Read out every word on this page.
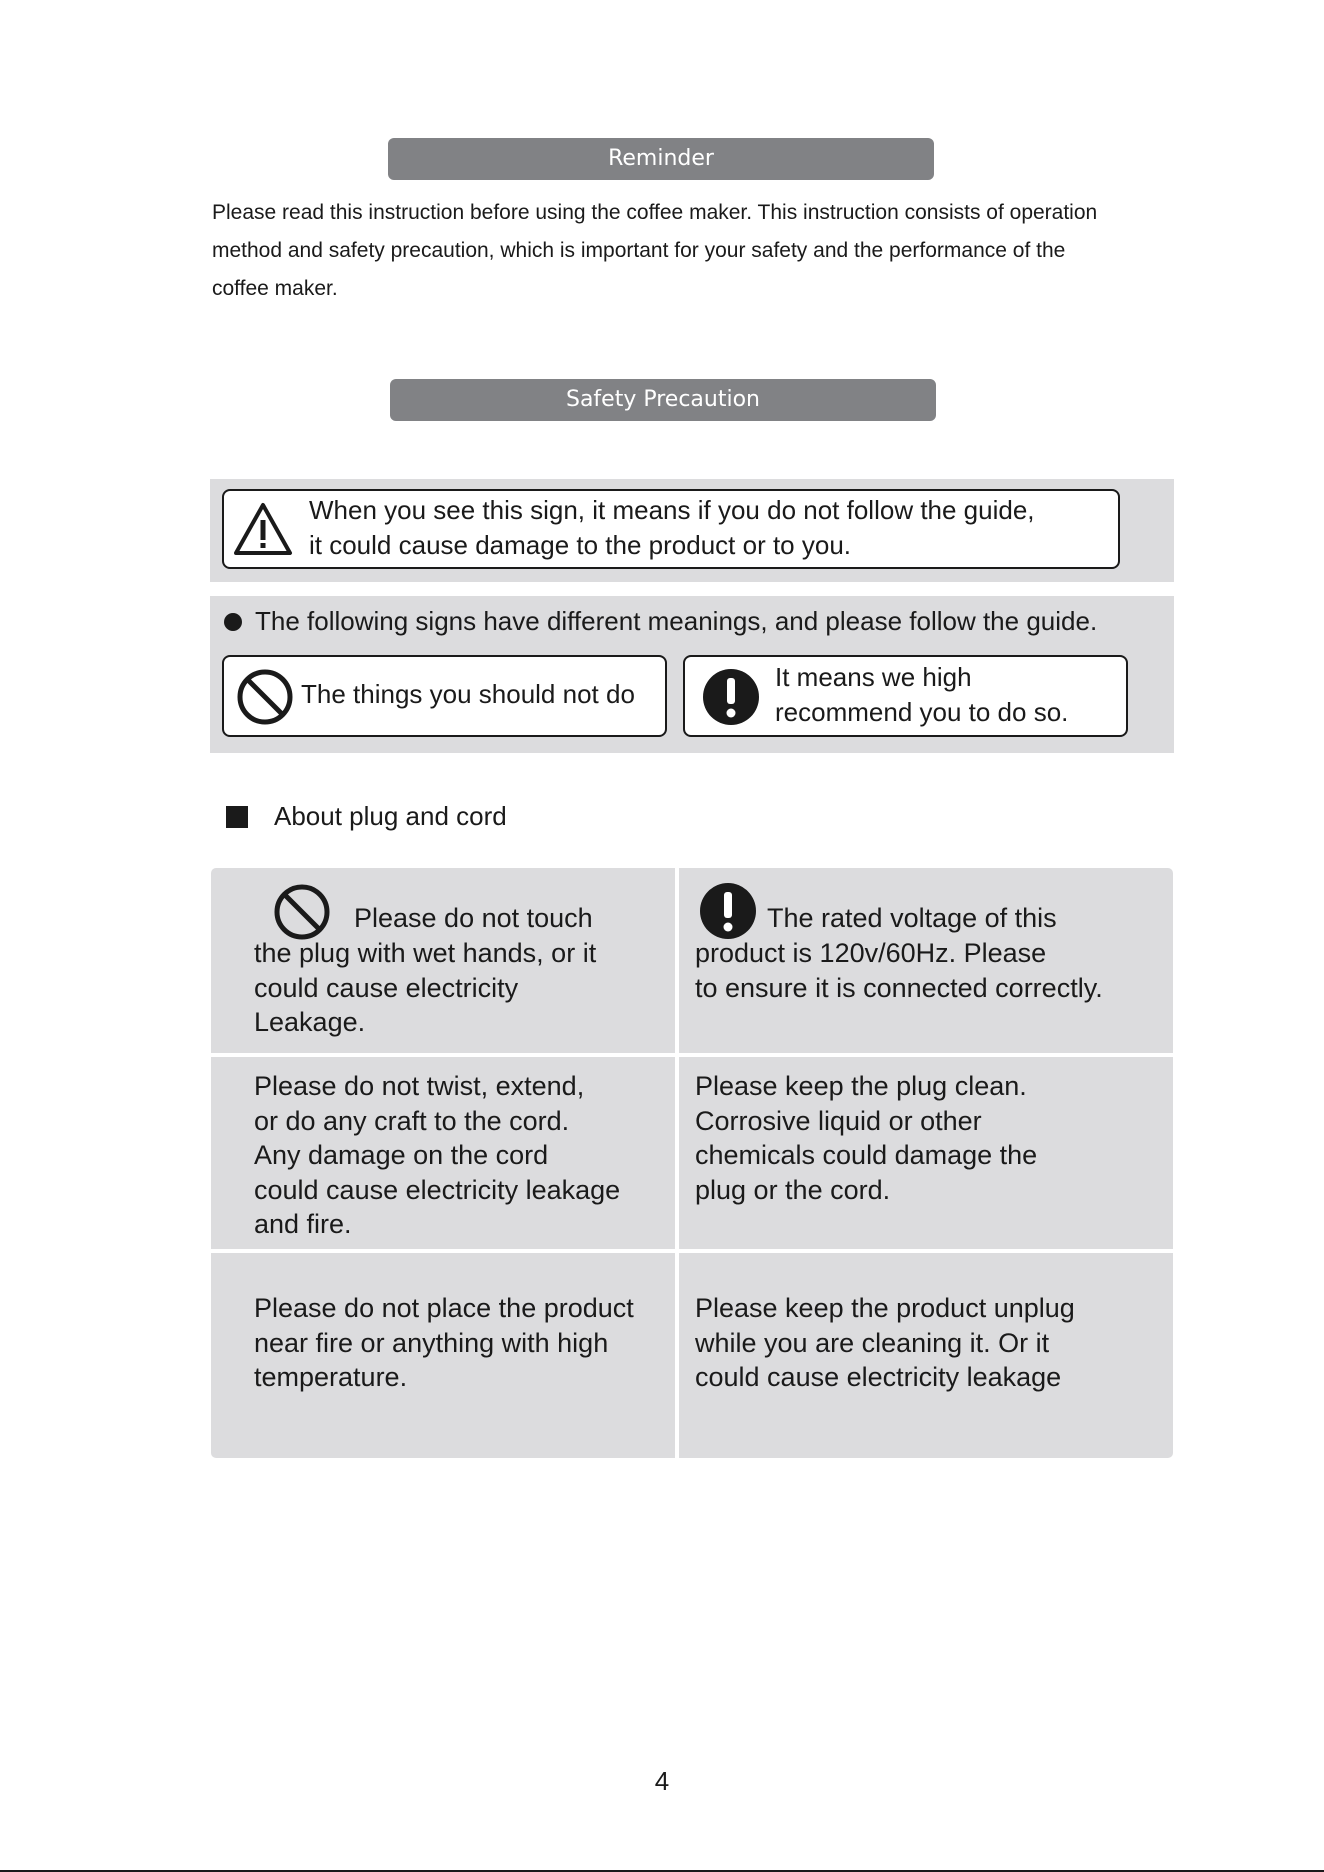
Reminder
Please read this instruction before using the coffee maker. This instruction consists of operation
method and safety precaution, which is important for your safety and the performance of the
coffee maker.
Safety Precaution
When you see this sign, it means if you do not follow the guide,
it could cause damage to the product or to you.
The following signs have different meanings, and please follow the guide.
The things you should not do
It means we high
recommend you to do so.
About plug and cord
Please do not touch
the plug with wet hands, or it
could cause electricity
Leakage.
The rated voltage of this
product is 120v/60Hz. Please
to ensure it is connected correctly.
Please do not twist, extend,
or do any craft to the cord.
Any damage on the cord
could cause electricity leakage
and fire.
Please keep the plug clean.
Corrosive liquid or other
chemicals could damage the
plug or the cord.
Please do not place the product
near fire or anything with high
temperature.
Please keep the product unplug
while you are cleaning it. Or it
could cause electricity leakage
4
